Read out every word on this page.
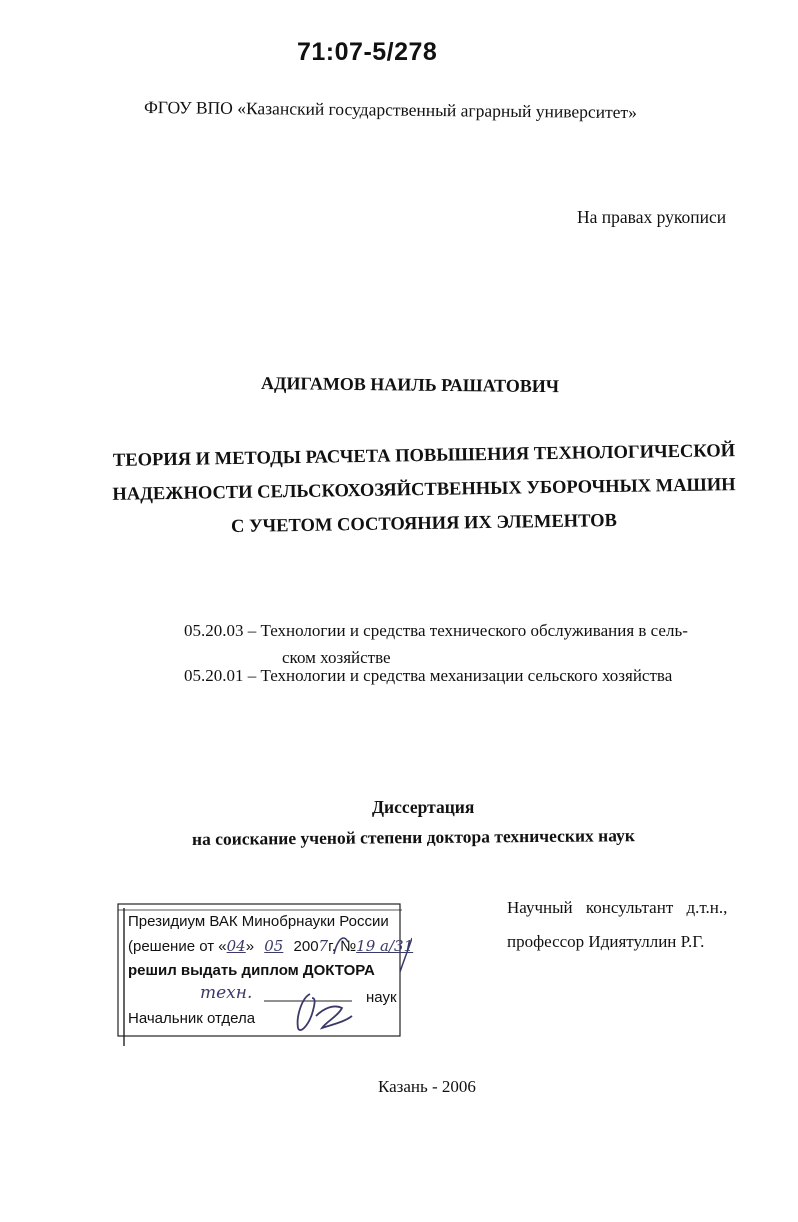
71:07-5/278
ФГОУ ВПО «Казанский государственный аграрный университет»
На правах рукописи
АДИГАМОВ НАИЛЬ РАШАТОВИЧ
ТЕОРИЯ И МЕТОДЫ РАСЧЕТА ПОВЫШЕНИЯ ТЕХНОЛОГИЧЕСКОЙ
НАДЕЖНОСТИ СЕЛЬСКОХОЗЯЙСТВЕННЫХ УБОРОЧНЫХ МАШИН
С УЧЕТОМ СОСТОЯНИЯ ИХ ЭЛЕМЕНТОВ
05.20.03 – Технологии и средства технического обслуживания в сель-
ском хозяйстве
05.20.01 – Технологии и средства механизации сельского хозяйства
Диссертация
на соискание ученой степени доктора технических наук
Научный консультант д.т.н.,
профессор Идиятуллин Р.Г.
Президиум ВАК Минобрнауки России
(решение от «04» 05 2007г. №19 а/31
решил выдать диплом ДОКТОРА
техн.	наук
Начальник отдела
Казань - 2006
